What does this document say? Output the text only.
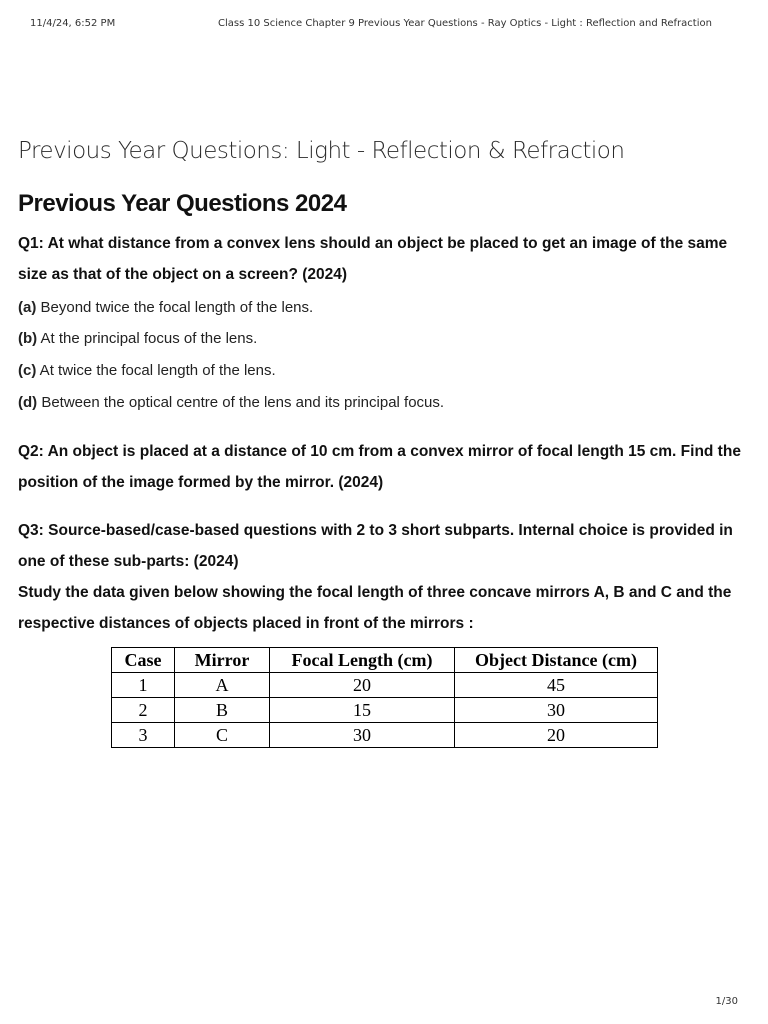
11/4/24, 6:52 PM	Class 10 Science Chapter 9 Previous Year Questions - Ray Optics - Light : Reflection and Refraction
Previous Year Questions: Light - Reflection & Refraction
Previous Year Questions 2024
Q1: At what distance from a convex lens should an object be placed to get an image of the same size as that of the object on a screen? (2024)
(a) Beyond twice the focal length of the lens.
(b) At the principal focus of the lens.
(c) At twice the focal length of the lens.
(d) Between the optical centre of the lens and its principal focus.
Q2: An object is placed at a distance of 10 cm from a convex mirror of focal length 15 cm. Find the position of the image formed by the mirror. (2024)
Q3: Source-based/case-based questions with 2 to 3 short subparts. Internal choice is provided in one of these sub-parts: (2024)
Study the data given below showing the focal length of three concave mirrors A, B and C and the respective distances of objects placed in front of the mirrors :
Case	Mirror	Focal Length (cm)	Object Distance (cm)
1	A	20	45
2	B	15	30
3	C	30	20
1/30
